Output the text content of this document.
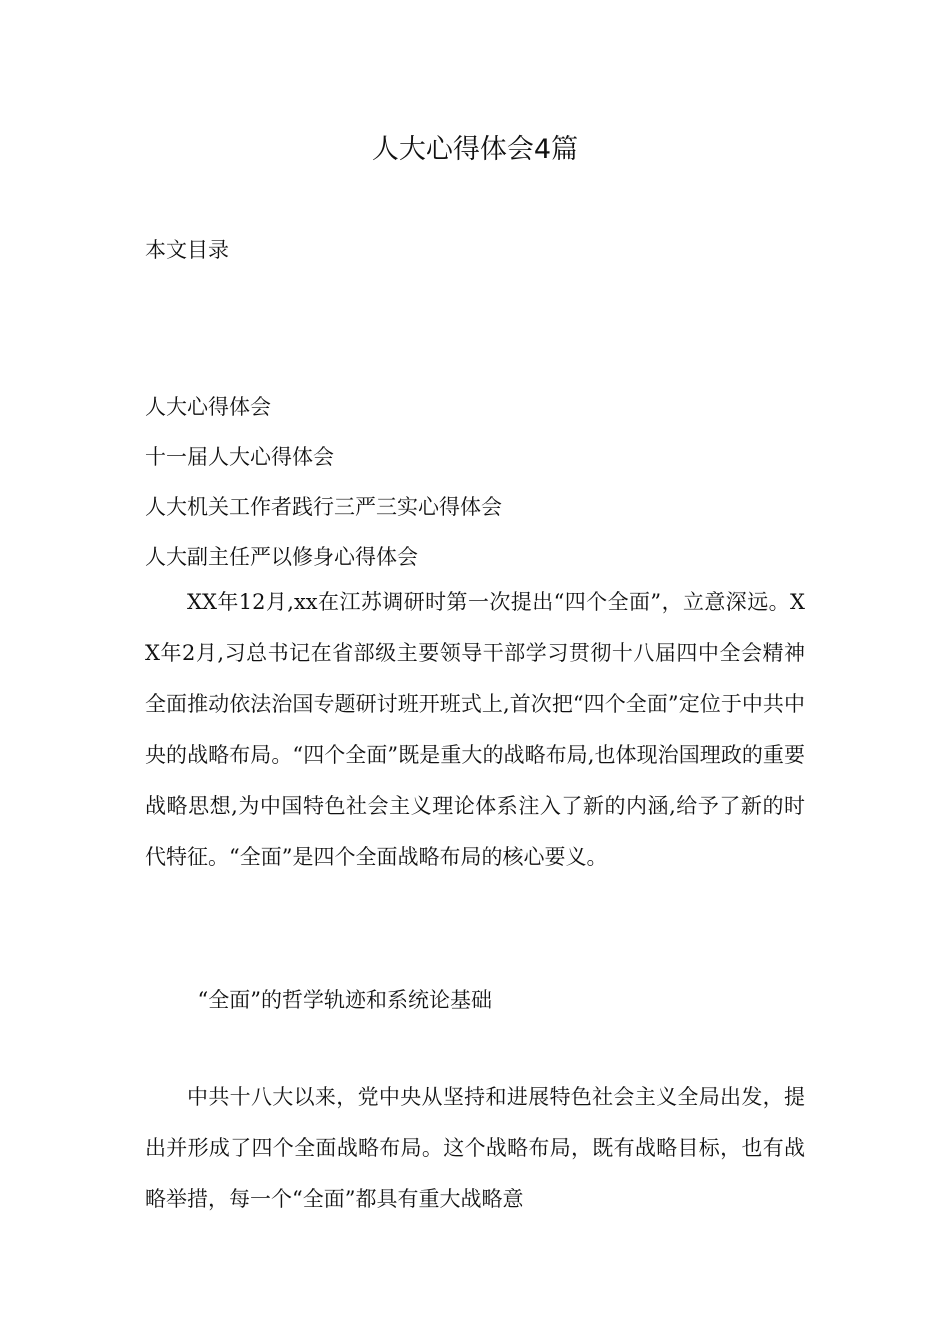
人大心得体会4篇
本文目录
人大心得体会
十一届人大心得体会
人大机关工作者践行三严三实心得体会
人大副主任严以修身心得体会

XX年12月,xx在江苏调研时第一次提出“四个全面”，立意深远。XX年2月,习总书记在省部级主要领导干部学习贯彻十八届四中全会精神全面推动依法治国专题研讨班开班式上,首次把“四个全面”定位于中共中央的战略布局。“四个全面”既是重大的战略布局,也体现治国理政的重要战略思想,为中国特色社会主义理论体系注入了新的内涵,给予了新的时代特征。“全面”是四个全面战略布局的核心要义。

“全面”的哲学轨迹和系统论基础

中共十八大以来，党中央从坚持和进展特色社会主义全局出发，提出并形成了四个全面战略布局。这个战略布局，既有战略目标，也有战略举措，每一个“全面”都具有重大战略意
